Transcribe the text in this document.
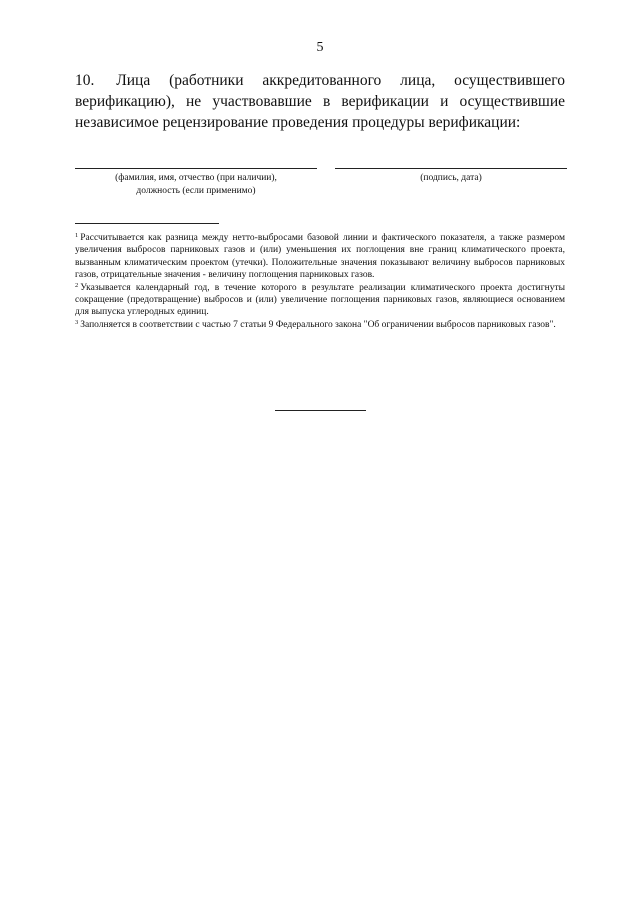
5
10. Лица (работники аккредитованного лица, осуществившего верификацию), не участвовавшие в верификации и осуществившие независимое рецензирование проведения процедуры верификации:
(фамилия, имя, отчество (при наличии),
должность (если применимо)
(подпись, дата)

$^1$ Рассчитывается как разница между нетто-выбросами базовой линии и фактического показателя, а также размером увеличения выбросов парниковых газов и (или) уменьшения их поглощения вне границ климатического проекта, вызванным климатическим проектом (утечки). Положительные значения показывают величину выбросов парниковых газов, отрицательные значения - величину поглощения парниковых газов.

$^2$ Указывается календарный год, в течение которого в результате реализации климатического проекта достигнуты сокращение (предотвращение) выбросов и (или) увеличение поглощения парниковых газов, являющиеся основанием для выпуска углеродных единиц.

$^3$ Заполняется в соответствии с частью 7 статьи 9 Федерального закона "Об ограничении выбросов парниковых газов".
